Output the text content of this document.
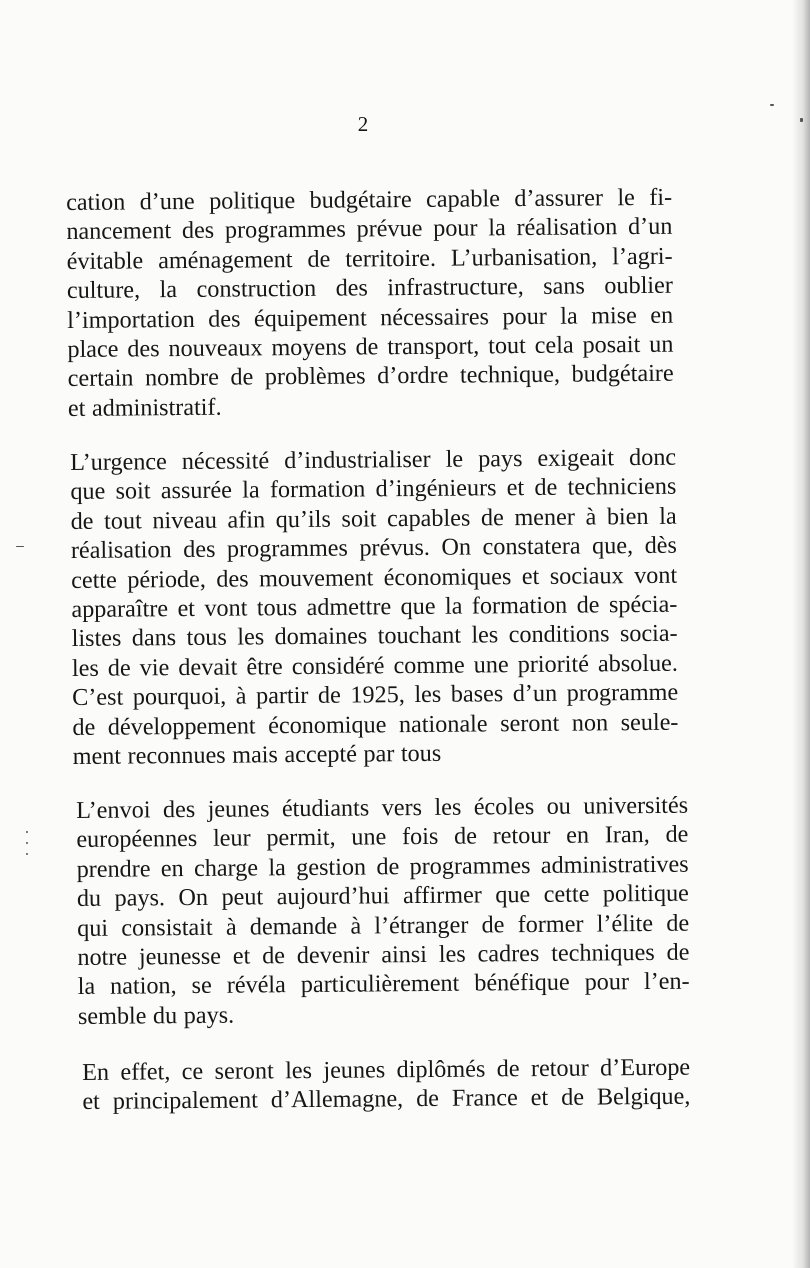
2
cation d’une politique budgétaire capable d’assurer le fi-
nancement des programmes prévue pour la réalisation d’un
évitable aménagement de territoire. L’urbanisation, l’agri-
culture, la construction des infrastructure, sans oublier
l’importation des équipement nécessaires pour la mise en
place des nouveaux moyens de transport, tout cela posait un
certain nombre de problèmes d’ordre technique, budgétaire
et administratif.
L’urgence nécessité d’industrialiser le pays exigeait donc
que soit assurée la formation d’ingénieurs et de techniciens
de tout niveau afin qu’ils soit capables de mener à bien la
réalisation des programmes prévus. On constatera que, dès
cette période, des mouvement économiques et sociaux vont
apparaître et vont tous admettre que la formation de spécia-
listes dans tous les domaines touchant les conditions socia-
les de vie devait être considéré comme une priorité absolue.
C’est pourquoi, à partir de 1925, les bases d’un programme
de développement économique nationale seront non seule-
ment reconnues mais accepté par tous
L’envoi des jeunes étudiants vers les écoles ou universités
européennes leur permit, une fois de retour en Iran, de
prendre en charge la gestion de programmes administratives
du pays. On peut aujourd’hui affirmer que cette politique
qui consistait à demande à l’étranger de former l’élite de
notre jeunesse et de devenir ainsi les cadres techniques de
la nation, se révéla particulièrement bénéfique pour l’en-
semble du pays.
En effet, ce seront les jeunes diplômés de retour d’Europe
et principalement d’Allemagne, de France et de Belgique,
